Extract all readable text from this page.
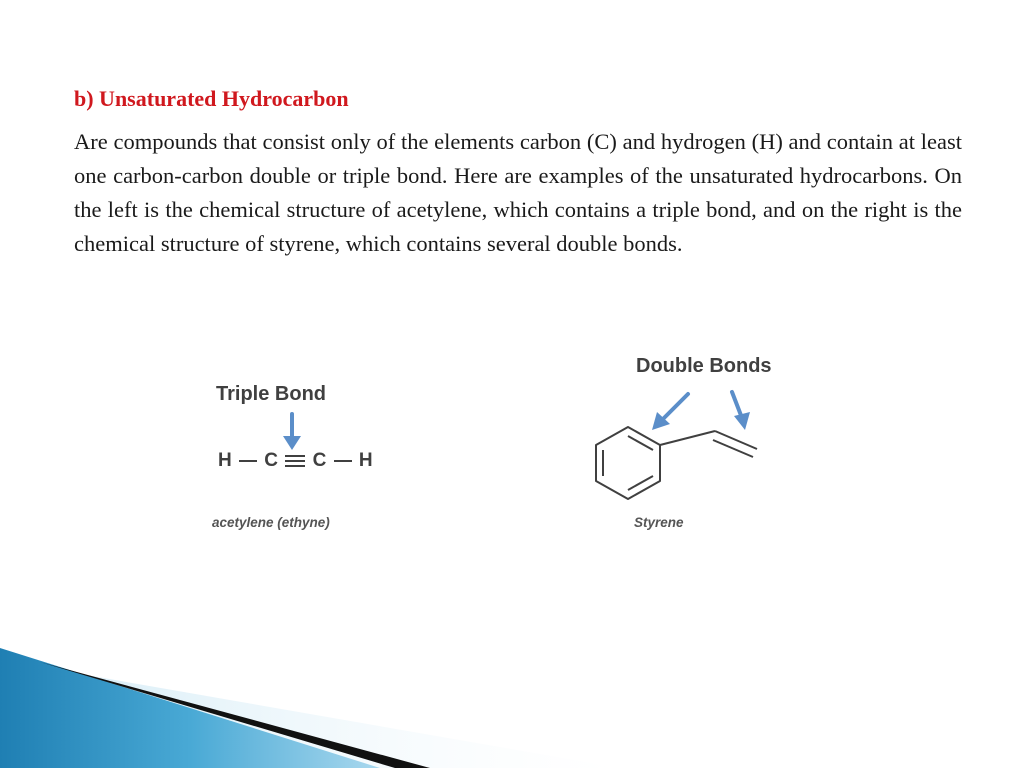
b) Unsaturated Hydrocarbon

Are compounds that consist only of the elements carbon (C) and hydrogen (H) and contain at least one carbon-carbon double or triple bond. Here are examples of the unsaturated hydrocarbons. On the left is the chemical structure of acetylene, which contains a triple bond, and on the right is the chemical structure of styrene, which contains several double bonds.

Triple Bond
H C C H
acetylene (ethyne)
Double Bonds
Styrene
